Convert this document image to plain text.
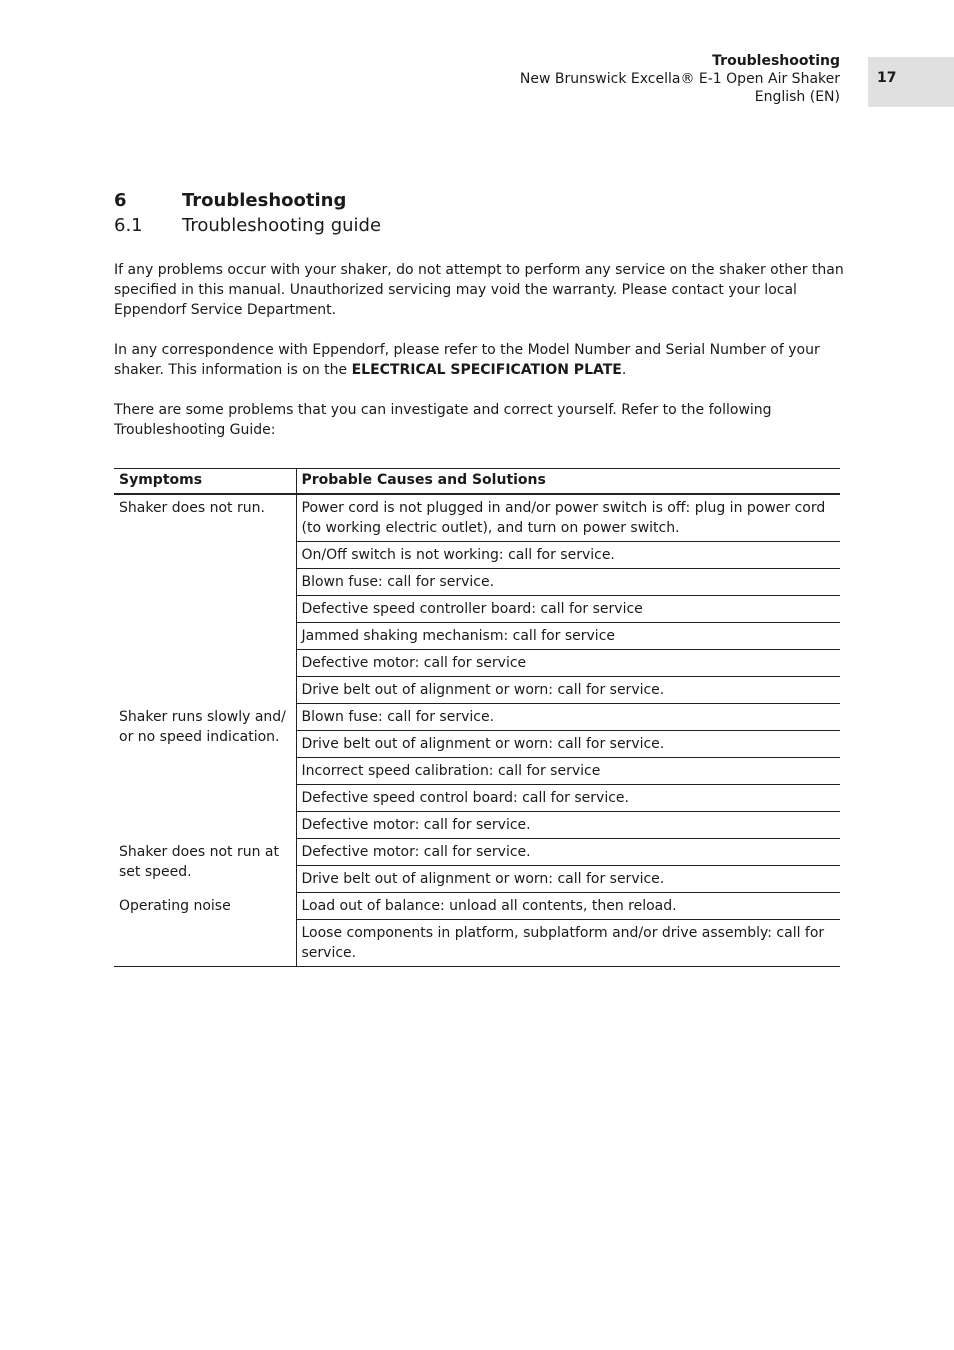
Troubleshooting
New Brunswick Excella® E-1 Open Air Shaker
English (EN)
17
6	Troubleshooting
6.1 Troubleshooting guide

If any problems occur with your shaker, do not attempt to perform any service on the shaker other than specified in this manual. Unauthorized servicing may void the warranty. Please contact your local Eppendorf Service Department.

In any correspondence with Eppendorf, please refer to the Model Number and Serial Number of your shaker. This information is on the ELECTRICAL SPECIFICATION PLATE.

There are some problems that you can investigate and correct yourself. Refer to the following Troubleshooting Guide:

Symptoms	Probable Causes and Solutions
Shaker does not run.	Power cord is not plugged in and/or power switch is off: plug in power cord (to working electric outlet), and turn on power switch.
	On/Off switch is not working: call for service.
	Blown fuse: call for service.
	Defective speed controller board: call for service
	Jammed shaking mechanism: call for service
	Defective motor: call for service
	Drive belt out of alignment or worn: call for service.
Shaker runs slowly and/ or no speed indication.	Blown fuse: call for service.
	Drive belt out of alignment or worn: call for service.
	Incorrect speed calibration: call for service
	Defective speed control board: call for service.
	Defective motor: call for service.
Shaker does not run at set speed.	Defective motor: call for service.
	Drive belt out of alignment or worn: call for service.
Operating noise	Load out of balance: unload all contents, then reload.
	Loose components in platform, subplatform and/or drive assembly: call for service.
